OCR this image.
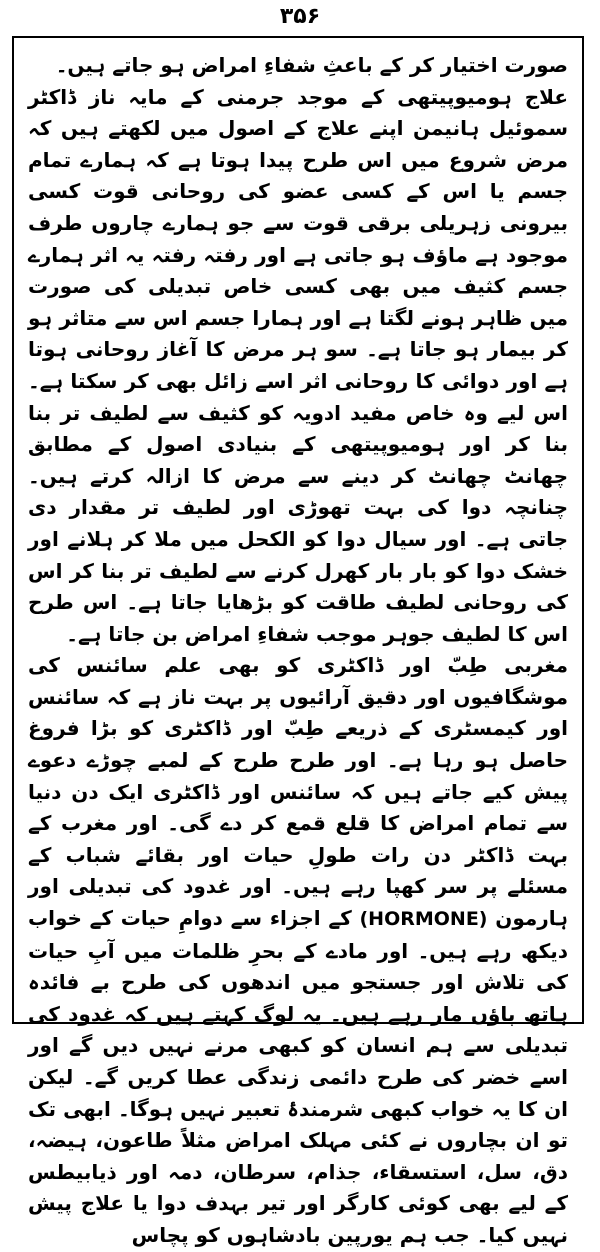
۳۵۶

صورت اختیار کر کے باعثِ شفاءِ امراض ہو جاتے ہیں۔

علاج ہومیوپیتھی کے موجد جرمنی کے مایہ ناز ڈاکٹر سموئیل ہانیمن اپنے علاج کے اصول میں لکھتے ہیں کہ مرض شروع میں اس طرح پیدا ہوتا ہے کہ ہمارے تمام جسم یا اس کے کسی عضو کی روحانی قوت کسی بیرونی زہریلی برقی قوت سے جو ہمارے چاروں طرف موجود ہے ماؤف ہو جاتی ہے اور رفتہ رفتہ یہ اثر ہمارے جسم کثیف میں بھی کسی خاص تبدیلی کی صورت میں ظاہر ہونے لگتا ہے اور ہمارا جسم اس سے متاثر ہو کر بیمار ہو جاتا ہے۔ سو ہر مرض کا آغاز روحانی ہوتا ہے اور دوائی کا روحانی اثر اسے زائل بھی کر سکتا ہے۔ اس لیے وہ خاص مفید ادویہ کو کثیف سے لطیف تر بنا بنا کر اور ہومیوپیتھی کے بنیادی اصول کے مطابق چھانٹ چھانٹ کر دینے سے مرض کا ازالہ کرتے ہیں۔ چنانچہ دوا کی بہت تھوڑی اور لطیف تر مقدار دی جاتی ہے۔ اور سیال دوا کو الکحل میں ملا کر ہلانے اور خشک دوا کو بار بار کھرل کرنے سے لطیف تر بنا کر اس کی روحانی لطیف طاقت کو بڑھایا جاتا ہے۔ اس طرح اس کا لطیف جوہر موجب شفاءِ امراض بن جاتا ہے۔

مغربی طِبّ اور ڈاکٹری کو بھی علم سائنس کی موشگافیوں اور دقیق آرائیوں پر بہت ناز ہے کہ سائنس اور کیمسٹری کے ذریعے طِبّ اور ڈاکٹری کو بڑا فروغ حاصل ہو رہا ہے۔ اور طرح طرح کے لمبے چوڑے دعوے پیش کیے جاتے ہیں کہ سائنس اور ڈاکٹری ایک دن دنیا سے تمام امراض کا قلع قمع کر دے گی۔ اور مغرب کے بہت ڈاکٹر دن رات طولِ حیات اور بقائے شباب کے مسئلے پر سر کھپا رہے ہیں۔ اور غدود کی تبدیلی اور ہارمون (HORMONE) کے اجزاء سے دوامِ حیات کے خواب دیکھ رہے ہیں۔ اور مادے کے بحرِ ظلمات میں آبِ حیات کی تلاش اور جستجو میں اندھوں کی طرح بے فائدہ ہاتھ پاؤں مار رہے ہیں۔ یہ لوگ کہتے ہیں کہ غدود کی تبدیلی سے ہم انسان کو کبھی مرنے نہیں دیں گے اور اسے خضر کی طرح دائمی زندگی عطا کریں گے۔ لیکن ان کا یہ خواب کبھی شرمندۂ تعبیر نہیں ہوگا۔ ابھی تک تو ان بچاروں نے کئی مہلک امراض مثلاً طاعون، ہیضہ، دق، سل، استسقاء، جذام، سرطان، دمہ اور ذیابیطس کے لیے بھی کوئی کارگر اور تیر بہدف دوا یا علاج پیش نہیں کیا۔ جب ہم یورپین بادشاہوں کو پچاس
